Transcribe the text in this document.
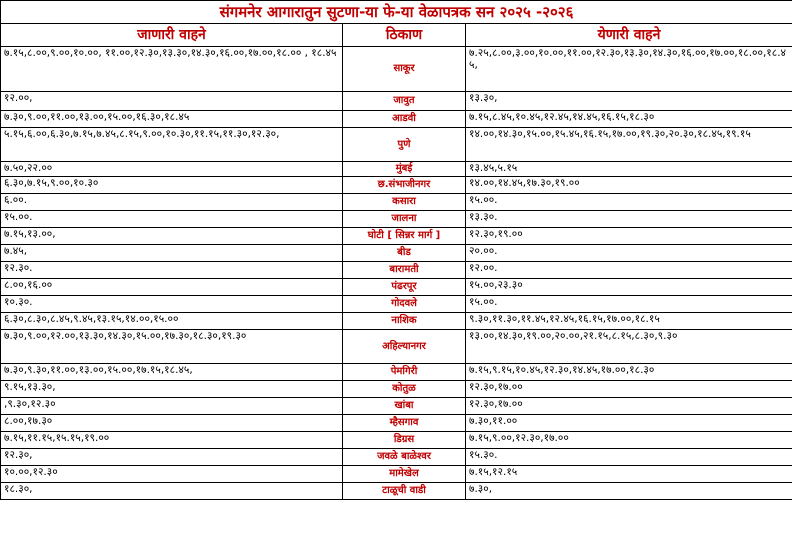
संगमनेर आगारातुन सुटणा-या फे-या वेळापत्रक सन २०२५ -२०२६		
जाणारी वाहने	ठिकाण	येणारी वाहने
७.१५,८.००,९.००,१०.००, ११.००,१२.३०,१३.३०,१४.३०,१६.००,१७.००,१८.०० , १८.४५	साकूर	७.२५,८.००,३.००,१०.००,११.००,१२.३०,१३.३०,१४.३०,१६.००,१७.००,१८.००,१८.४५,
१२.००,	जावुत	१३.३०,
७.३०,९.००,११.००,१३.००,१५.००,१६.३०,१८.४५	आडवी	७.१५,८.४५,१०.४५,१२.४५,१४.४५,१६.१५,१८.३०
५.१५,६.००,६.३०,७.१५,७.४५,८.१५,९.००,१०.३०,११.१५,११.३०,१२.३०,	पुणे	१४.००,१४.३०,१५.००,१५.४५,१६.१५,१७.००,१९.३०,२०.३०,१८.४५,१९.१५
७.५०,२२.००	मुंबई	१३.४५,५.१५
६.३०,७.१५,९.००,१०.३०	छ.संभाजीनगर	१४.००,१४.४५,१७.३०,१९.००
६.००.	कसारा	१५.००.
१५.००.	जालना	१३.३०.
७.१५,१३.००,	घोटी [ सिन्नर मार्ग ]	१२.३०,१९.००
७.४५,	बीड	२०.००.
१२.३०.	बारामती	१२.००.
८.००,१६.००	पंढरपूर	१५.००,२३.३०
१०.३०.	गोदवले	१५.००.
६.३०,८.३०,८.४५,९.४५,१३.१५,१४.००,१५.००	नाशिक	९.३०,११.३०,११.४५,१२.४५,१६.१५,१७.००,१८.१५
७.३०,९.००,१२.००,१३.३०,१४.३०,१५.००,१७.३०,१८.३०,१९.३०	अहिल्यानगर	१३.००,१४.३०,१९.००,२०.००,२१.१५,८.१५,८.३०,९.३०
७.३०,९.३०,११.००,१३.००,१५.००,१७.१५,१८.४५,	पेमगिरी	७.१५,९.१५,१०.४५,१२.३०,१४.४५,१७.००,१८.३०
९.१५,१३.३०,	कोतुळ	१२.३०,१७.००
,९.३०,१२.३०	खांबा	१२.३०,१७.००
८.००,१७.३०	म्हैसगाव	७.३०,११.००
७.१५,११.१५,१५.१५,१९.००	डिग्रस	७.१५,९.००,१२.३०,१७.००
१२.३०,	जवळे बाळेश्वर	१५.३०.
१०.००,१२.३०	मामेखेल	७.१५,१२.१५
१८.३०,	टाळूची वाडी	७.३०,
